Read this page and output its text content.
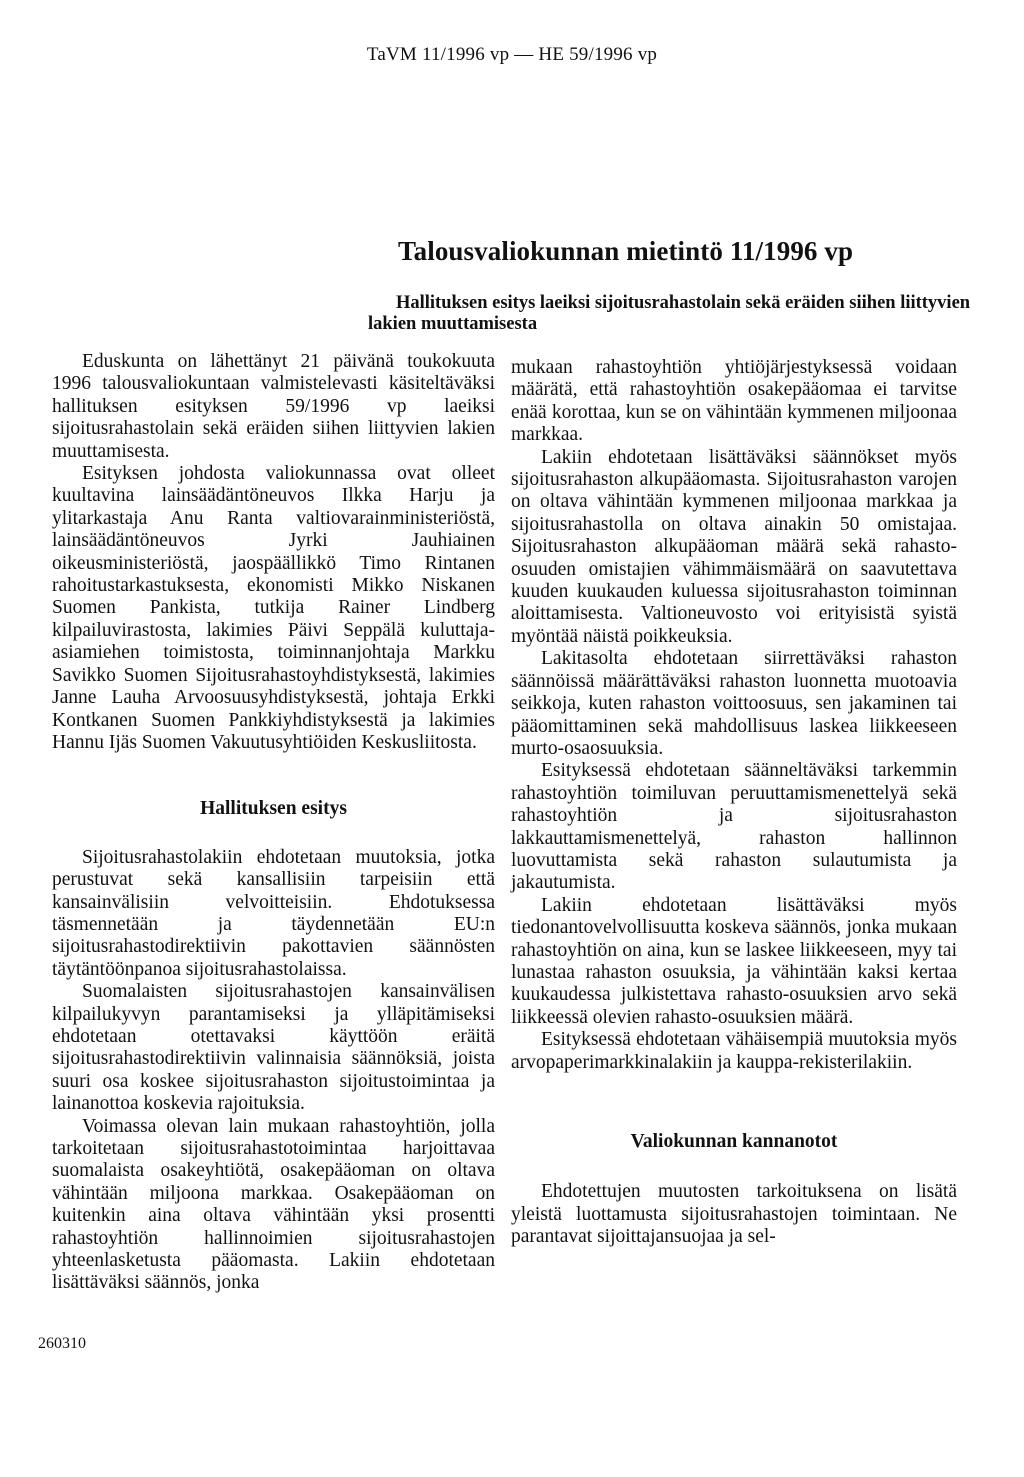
TaVM 11/1996 vp — HE 59/1996 vp
Talousvaliokunnan mietintö 11/1996 vp
Hallituksen esitys laeiksi sijoitusrahastolain sekä eräiden siihen liittyvien lakien muuttamisesta

Eduskunta on lähettänyt 21 päivänä toukokuuta 1996 talousvaliokuntaan valmistelevasti käsiteltäväksi hallituksen esityksen 59/1996 vp laeiksi sijoitusrahastolain sekä eräiden siihen liittyvien lakien muuttamisesta.

Esityksen johdosta valiokunnassa ovat olleet kuultavina lainsäädäntöneuvos Ilkka Harju ja ylitarkastaja Anu Ranta valtiovarainministeriöstä, lainsäädäntöneuvos Jyrki Jauhiainen oikeusministeriöstä, jaospäällikkö Timo Rintanen rahoitustarkastuksesta, ekonomisti Mikko Niskanen Suomen Pankista, tutkija Rainer Lindberg kilpailuvirastosta, lakimies Päivi Seppälä kuluttaja-asiamiehen toimistosta, toiminnanjohtaja Markku Savikko Suomen Sijoitusrahastoyhdistyksestä, lakimies Janne Lauha Arvoosuusyhdistyksestä, johtaja Erkki Kontkanen Suomen Pankkiyhdistyksestä ja lakimies Hannu Ijäs Suomen Vakuutusyhtiöiden Keskusliitosta.

Hallituksen esitys

Sijoitusrahastolakiin ehdotetaan muutoksia, jotka perustuvat sekä kansallisiin tarpeisiin että kansainvälisiin velvoitteisiin. Ehdotuksessa täsmennetään ja täydennetään EU:n sijoitusrahastodirektiivin pakottavien säännösten täytäntöönpanoa sijoitusrahastolaissa.

Suomalaisten sijoitusrahastojen kansainvälisen kilpailukyvyn parantamiseksi ja ylläpitämiseksi ehdotetaan otettavaksi käyttöön eräitä sijoitusrahastodirektiivin valinnaisia säännöksiä, joista suuri osa koskee sijoitusrahaston sijoitustoimintaa ja lainanottoa koskevia rajoituksia.

Voimassa olevan lain mukaan rahastoyhtiön, jolla tarkoitetaan sijoitusrahastotoimintaa harjoittavaa suomalaista osakeyhtiötä, osakepääoman on oltava vähintään miljoona markkaa. Osakepääoman on kuitenkin aina oltava vähintään yksi prosentti rahastoyhtiön hallinnoimien sijoitusrahastojen yhteenlasketusta pääomasta. Lakiin ehdotetaan lisättäväksi säännös, jonka

mukaan rahastoyhtiön yhtiöjärjestyksessä voidaan määrätä, että rahastoyhtiön osakepääomaa ei tarvitse enää korottaa, kun se on vähintään kymmenen miljoonaa markkaa.

Lakiin ehdotetaan lisättäväksi säännökset myös sijoitusrahaston alkupääomasta. Sijoitusrahaston varojen on oltava vähintään kymmenen miljoonaa markkaa ja sijoitusrahastolla on oltava ainakin 50 omistajaa. Sijoitusrahaston alkupääoman määrä sekä rahasto-osuuden omistajien vähimmäismäärä on saavutettava kuuden kuukauden kuluessa sijoitusrahaston toiminnan aloittamisesta. Valtioneuvosto voi erityisistä syistä myöntää näistä poikkeuksia.

Lakitasolta ehdotetaan siirrettäväksi rahaston säännöissä määrättäväksi rahaston luonnetta muotoavia seikkoja, kuten rahaston voittoosuus, sen jakaminen tai pääomittaminen sekä mahdollisuus laskea liikkeeseen murto-osaosuuksia.

Esityksessä ehdotetaan säänneltäväksi tarkemmin rahastoyhtiön toimiluvan peruuttamismenettelyä sekä rahastoyhtiön ja sijoitusrahaston lakkauttamismenettelyä, rahaston hallinnon luovuttamista sekä rahaston sulautumista ja jakautumista.

Lakiin ehdotetaan lisättäväksi myös tiedonantovelvollisuutta koskeva säännös, jonka mukaan rahastoyhtiön on aina, kun se laskee liikkeeseen, myy tai lunastaa rahaston osuuksia, ja vähintään kaksi kertaa kuukaudessa julkistettava rahasto-osuuksien arvo sekä liikkeessä olevien rahasto-osuuksien määrä.

Esityksessä ehdotetaan vähäisempiä muutoksia myös arvopaperimarkkinalakiin ja kauppa-rekisterilakiin.

Valiokunnan kannanotot

Ehdotettujen muutosten tarkoituksena on lisätä yleistä luottamusta sijoitusrahastojen toimintaan. Ne parantavat sijoittajansuojaa ja sel-

260310
